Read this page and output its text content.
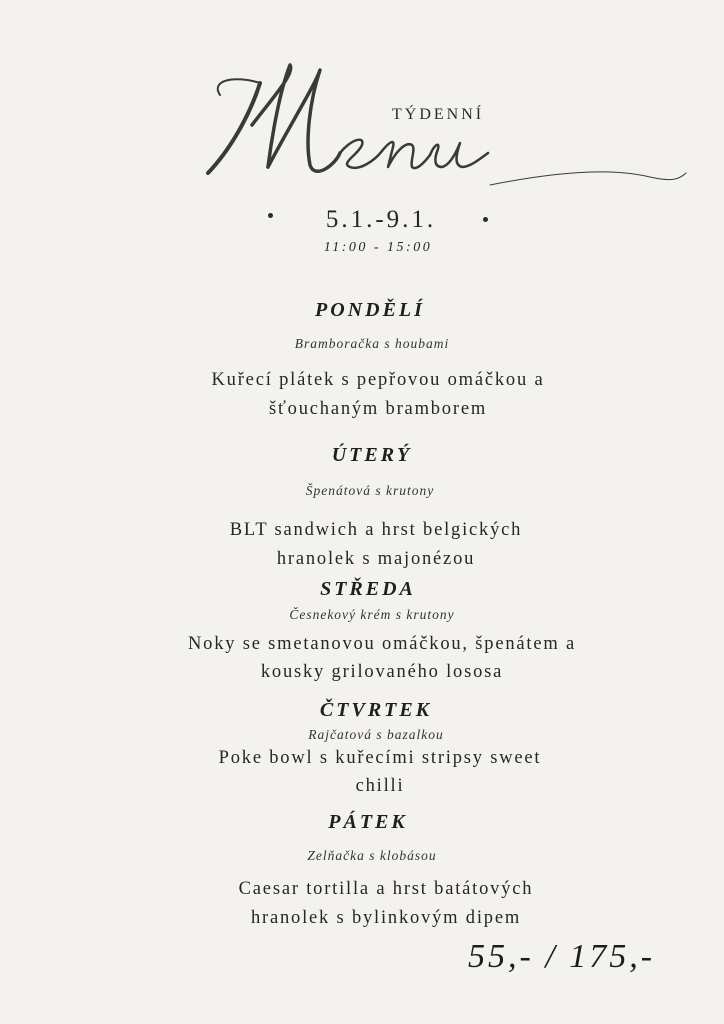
TÝDENNÍ
5.1.-9.1.
11:00 - 15:00
PONDĚLÍ
Bramboračka s houbami
Kuřecí plátek s pepřovou omáčkou a
šťouchaným bramborem
ÚTERÝ
Špenátová s krutony
BLT sandwich a hrst belgických
hranolek s majonézou
STŘEDA
Česnekový krém s krutony
Noky se smetanovou omáčkou, špenátem a
kousky grilovaného lososa
ČTVRTEK
Rajčatová s bazalkou
Poke bowl s kuřecími stripsy sweet
chilli
PÁTEK
Zelňačka s klobásou
Caesar tortilla a hrst batátových
hranolek s bylinkovým dipem
55,- / 175,-
